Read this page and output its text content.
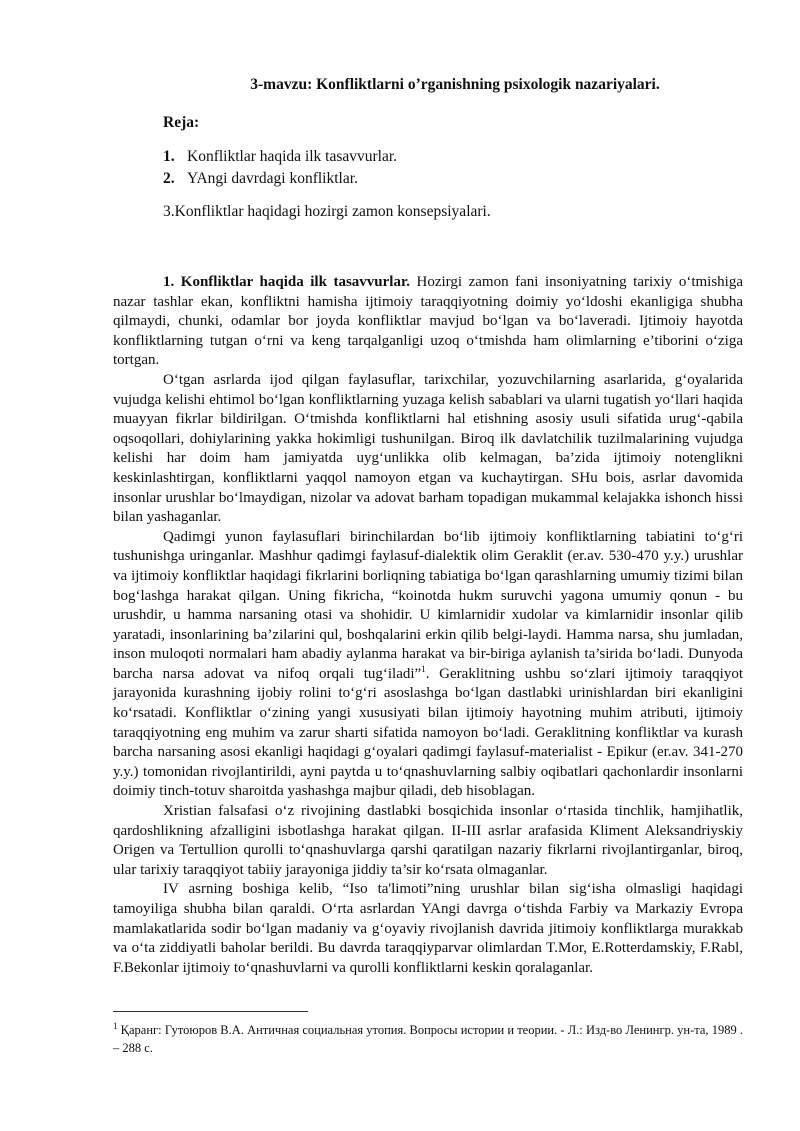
3-mavzu: Konfliktlarni o’rganishning psixologik nazariyalari.
Reja:
1. Konfliktlar haqida ilk tasavvurlar.
2. YAngi davrdagi konfliktlar.
3.Konfliktlar haqidagi hozirgi zamon konsepsiyalari.

1. Konfliktlar haqida ilk tasavvurlar. Hozirgi zamon fani insoniyatning tarixiy o‘tmishiga nazar tashlar ekan, konfliktni hamisha ijtimoiy taraqqiyotning doimiy yo‘ldoshi ekanligiga shubha qilmaydi, chunki, odamlar bor joyda konfliktlar mavjud bo‘lgan va bo‘laveradi. Ijtimoiy hayotda konfliktlarning tutgan o‘rni va keng tarqalganligi uzoq o‘tmishda ham olimlarning e’tiborini o‘ziga tortgan.

O‘tgan asrlarda ijod qilgan faylasuflar, tarixchilar, yozuvchilarning asarlarida, g‘oyalarida vujudga kelishi ehtimol bo‘lgan konfliktlarning yuzaga kelish sabablari va ularni tugatish yo‘llari haqida muayyan fikrlar bildirilgan. O‘tmishda konfliktlarni hal etishning asosiy usuli sifatida urug‘-qabila oqsoqollari, dohiylarining yakka hokimligi tushunilgan. Biroq ilk davlatchilik tuzilmalarining vujudga kelishi har doim ham jamiyatda uyg‘unlikka olib kelmagan, ba’zida ijtimoiy notenglikni keskinlashtirgan, konfliktlarni yaqqol namoyon etgan va kuchaytirgan. SHu bois, asrlar davomida insonlar urushlar bo‘lmaydigan, nizolar va adovat barham topadigan mukammal kelajakka ishonch hissi bilan yashaganlar.

Qadimgi yunon faylasuflari birinchilardan bo‘lib ijtimoiy konfliktlarning tabiatini to‘g‘ri tushunishga uringanlar. Mashhur qadimgi faylasuf-dialektik olim Geraklit (er.av. 530-470 y.y.) urushlar va ijtimoiy konfliktlar haqidagi fikrlarini borliqning tabiatiga bo‘lgan qarashlarning umumiy tizimi bilan bog‘lashga harakat qilgan. Uning fikricha, “koinotda hukm suruvchi yagona umumiy qonun - bu urushdir, u hamma narsaning otasi va shohidir. U kimlarnidir xudolar va kimlarnidir insonlar qilib yaratadi, insonlarining ba’zilarini qul, boshqalarini erkin qilib belgi-laydi. Hamma narsa, shu jumladan, inson muloqoti normalari ham abadiy aylanma harakat va bir-biriga aylanish ta’sirida bo‘ladi. Dunyoda barcha narsa adovat va nifoq orqali tug‘iladi”$^1$. Geraklitning ushbu so‘zlari ijtimoiy taraqqiyot jarayonida kurashning ijobiy rolini to‘g‘ri asoslashga bo‘lgan dastlabki urinishlardan biri ekanligini ko‘rsatadi. Konfliktlar o‘zining yangi xususiyati bilan ijtimoiy hayotning muhim atributi, ijtimoiy taraqqiyotning eng muhim va zarur sharti sifatida namoyon bo‘ladi. Geraklitning konfliktlar va kurash barcha narsaning asosi ekanligi haqidagi g‘oyalari qadimgi faylasuf-materialist - Epikur (er.av. 341-270 y.y.) tomonidan rivojlantirildi, ayni paytda u to‘qnashuvlarning salbiy oqibatlari qachonlardir insonlarni doimiy tinch-totuv sharoitda yashashga majbur qiladi, deb hisoblagan.

Xristian falsafasi o‘z rivojining dastlabki bosqichida insonlar o‘rtasida tinchlik, hamjihatlik, qardoshlikning afzalligini isbotlashga harakat qilgan. II-III asrlar arafasida Kliment Aleksandriyskiy Origen va Tertullion qurolli to‘qnashuvlarga qarshi qaratilgan nazariy fikrlarni rivojlantirganlar, biroq, ular tarixiy taraqqiyot tabiiy jarayoniga jiddiy ta’sir ko‘rsata olmaganlar.

IV asrning boshiga kelib, “Iso ta'limoti”ning urushlar bilan sig‘isha olmasligi haqidagi tamoyiliga shubha bilan qaraldi. O‘rta asrlardan YAngi davrga o‘tishda Farbiy va Markaziy Evropa mamlakatlarida sodir bo‘lgan madaniy va g‘oyaviy rivojlanish davrida jitimoiy konfliktlarga murakkab va o‘ta ziddiyatli baholar berildi. Bu davrda taraqqiyparvar olimlardan T.Mor, E.Rotterdamskiy, F.Rabl, F.Bekonlar ijtimoiy to‘qnashuvlarni va qurolli konfliktlarni keskin qoralaganlar.

$^1$ Қаранг: Гутоюров В.А. Античная социальная утопия. Вопросы истории и теории. - Л.: Изд-во Ленингр. ун-та, 1989 . – 288 с.
